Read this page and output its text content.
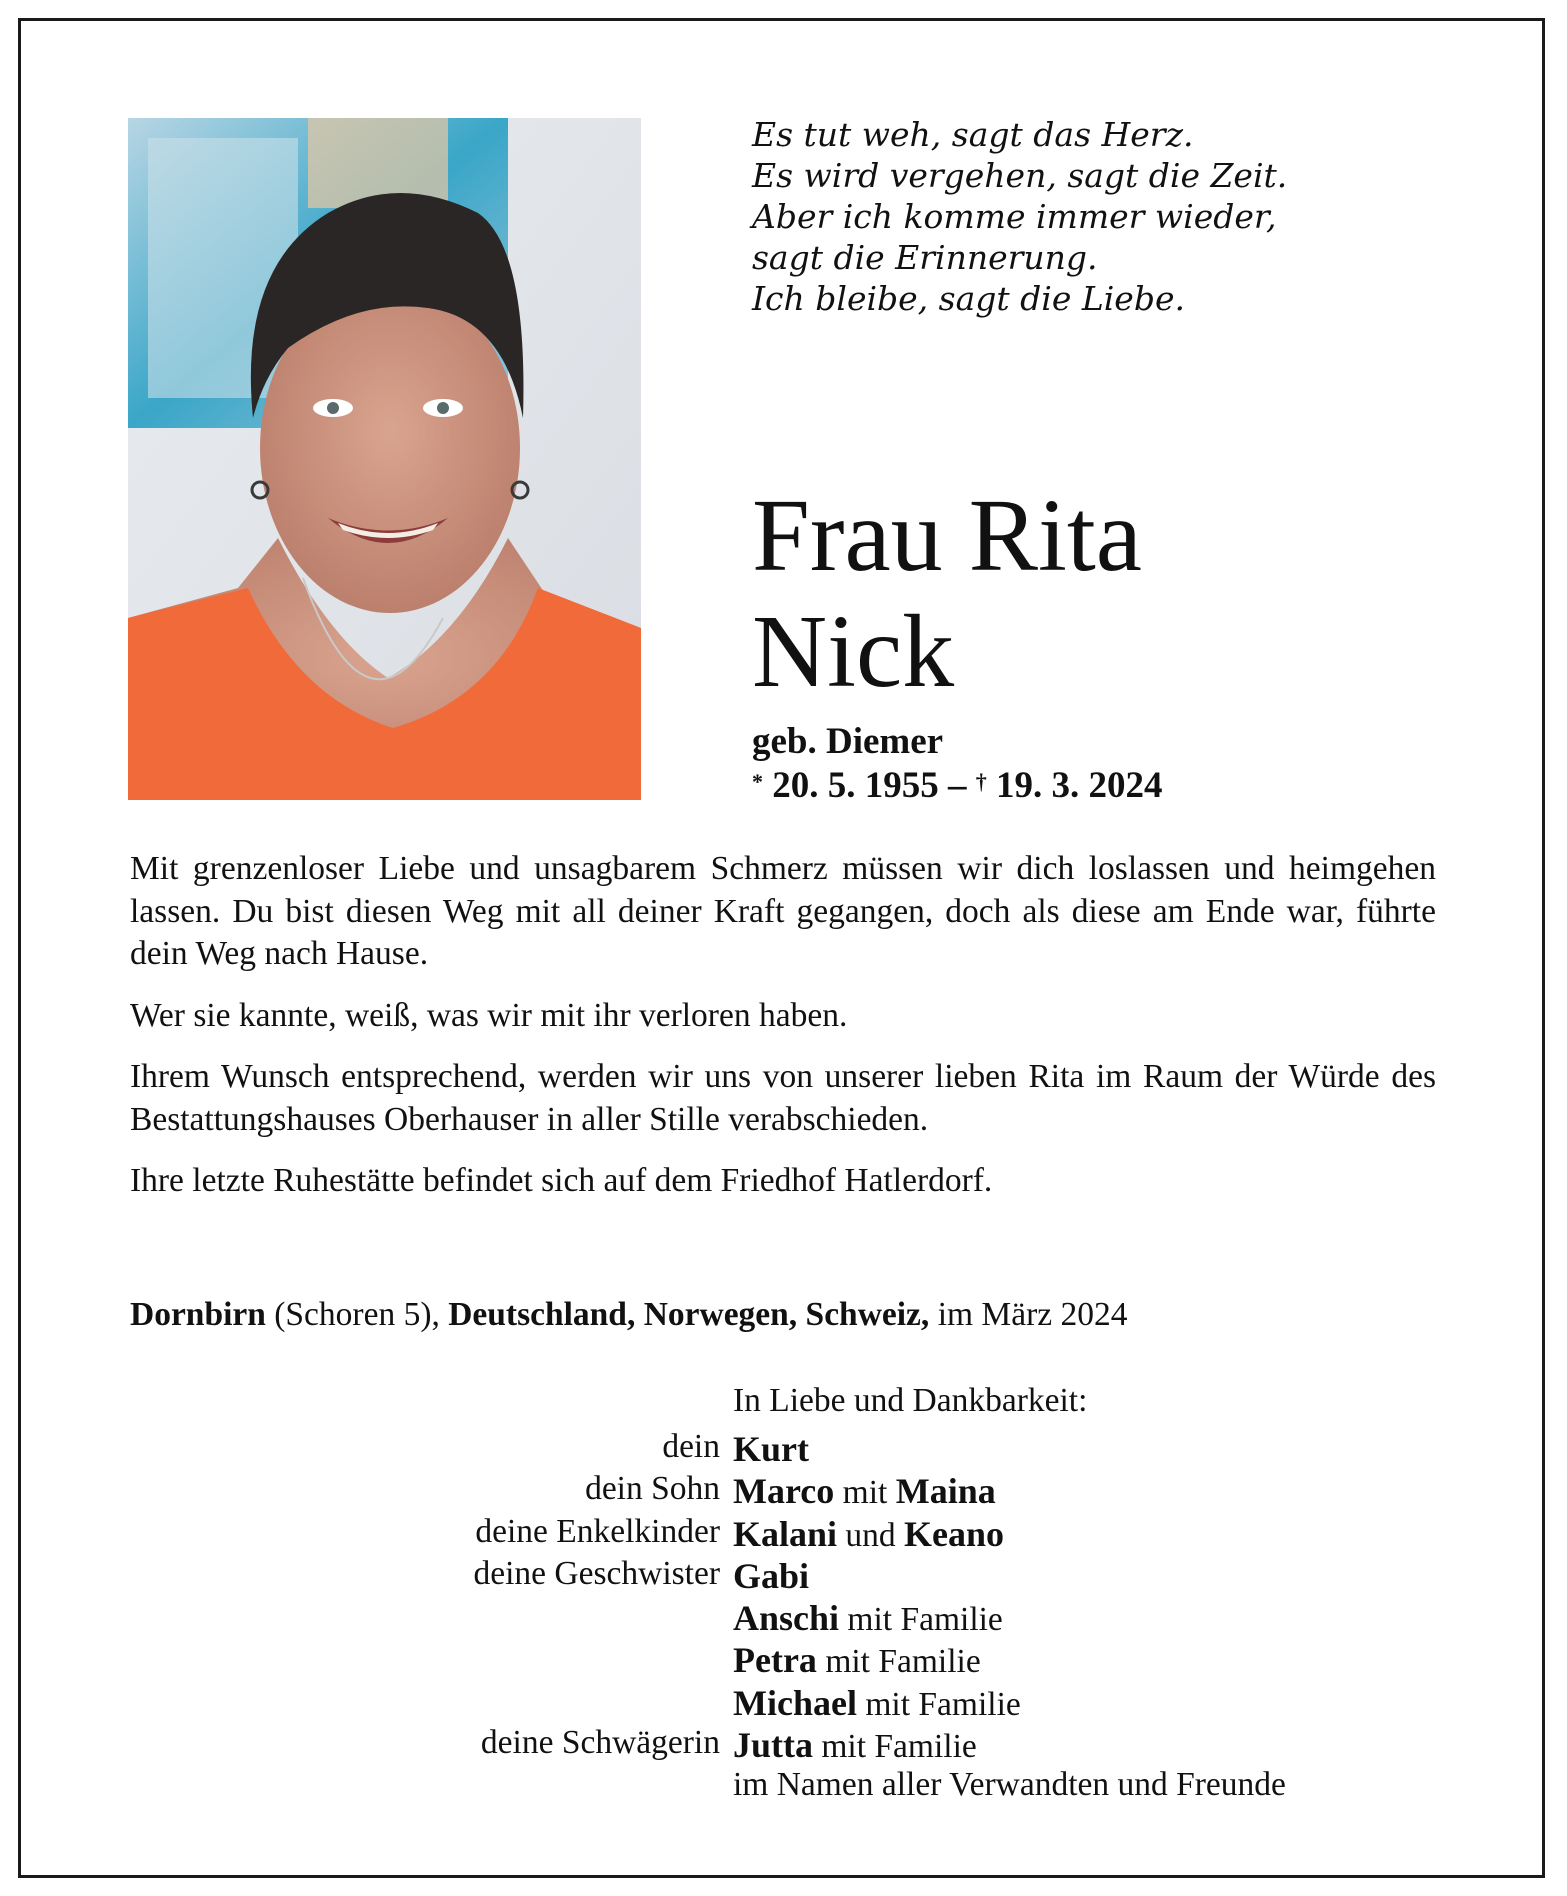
Es tut weh, sagt das Herz.
Es wird vergehen, sagt die Zeit.
Aber ich komme immer wieder,
sagt die Erinnerung.
Ich bleibe, sagt die Liebe.
Frau Rita
Nick
geb. Diemer
* 20. 5. 1955 – † 19. 3. 2024

Mit grenzenloser Liebe und unsagbarem Schmerz müssen wir dich loslassen und heimgehen lassen. Du bist diesen Weg mit all deiner Kraft gegangen, doch als diese am Ende war, führte dein Weg nach Hause.

Wer sie kannte, weiß, was wir mit ihr verloren haben.

Ihrem Wunsch entsprechend, werden wir uns von unserer lieben Rita im Raum der Würde des Bestattungshauses Oberhauser in aller Stille verabschieden.

Ihre letzte Ruhestätte befindet sich auf dem Friedhof Hatlerdorf.

Dornbirn (Schoren 5), Deutschland, Norwegen, Schweiz, im März 2024
In Liebe und Dankbarkeit:
dein Kurt
dein Sohn Marco mit Maina
deine Enkelkinder Kalani und Keano
deine Geschwister Gabi
Anschi mit Familie
Petra mit Familie
Michael mit Familie
deine Schwägerin Jutta mit Familie
im Namen aller Verwandten und Freunde
